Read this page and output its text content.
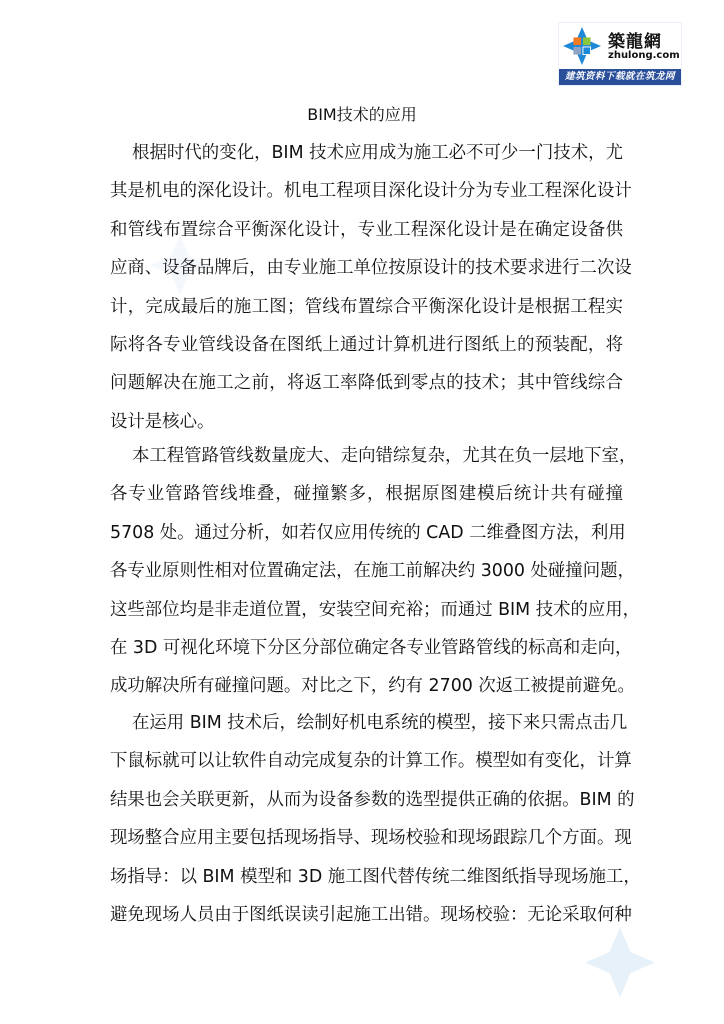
築龍網
zhulong.com
建筑资料下载就在筑龙网
BIM技术的应用
根据时代的变化，BIM 技术应用成为施工必不可少一门技术，尤
其是机电的深化设计。机电工程项目深化设计分为专业工程深化设计
和管线布置综合平衡深化设计，专业工程深化设计是在确定设备供
应商、设备品牌后，由专业施工单位按原设计的技术要求进行二次设
计，完成最后的施工图；管线布置综合平衡深化设计是根据工程实
际将各专业管线设备在图纸上通过计算机进行图纸上的预装配，将
问题解决在施工之前，将返工率降低到零点的技术；其中管线综合
设计是核心。
本工程管路管线数量庞大、走向错综复杂，尤其在负一层地下室，
各专业管路管线堆叠，碰撞繁多，根据原图建模后统计共有碰撞
5708 处。通过分析，如若仅应用传统的 CAD 二维叠图方法，利用
各专业原则性相对位置确定法，在施工前解决约 3000 处碰撞问题，
这些部位均是非走道位置，安装空间充裕；而通过 BIM 技术的应用，
在 3D 可视化环境下分区分部位确定各专业管路管线的标高和走向，
成功解决所有碰撞问题。对比之下，约有 2700 次返工被提前避免。
在运用 BIM 技术后，绘制好机电系统的模型，接下来只需点击几
下鼠标就可以让软件自动完成复杂的计算工作。模型如有变化，计算
结果也会关联更新，从而为设备参数的选型提供正确的依据。BIM 的
现场整合应用主要包括现场指导、现场校验和现场跟踪几个方面。现
场指导：以 BIM 模型和 3D 施工图代替传统二维图纸指导现场施工，
避免现场人员由于图纸误读引起施工出错。现场校验：无论采取何种
